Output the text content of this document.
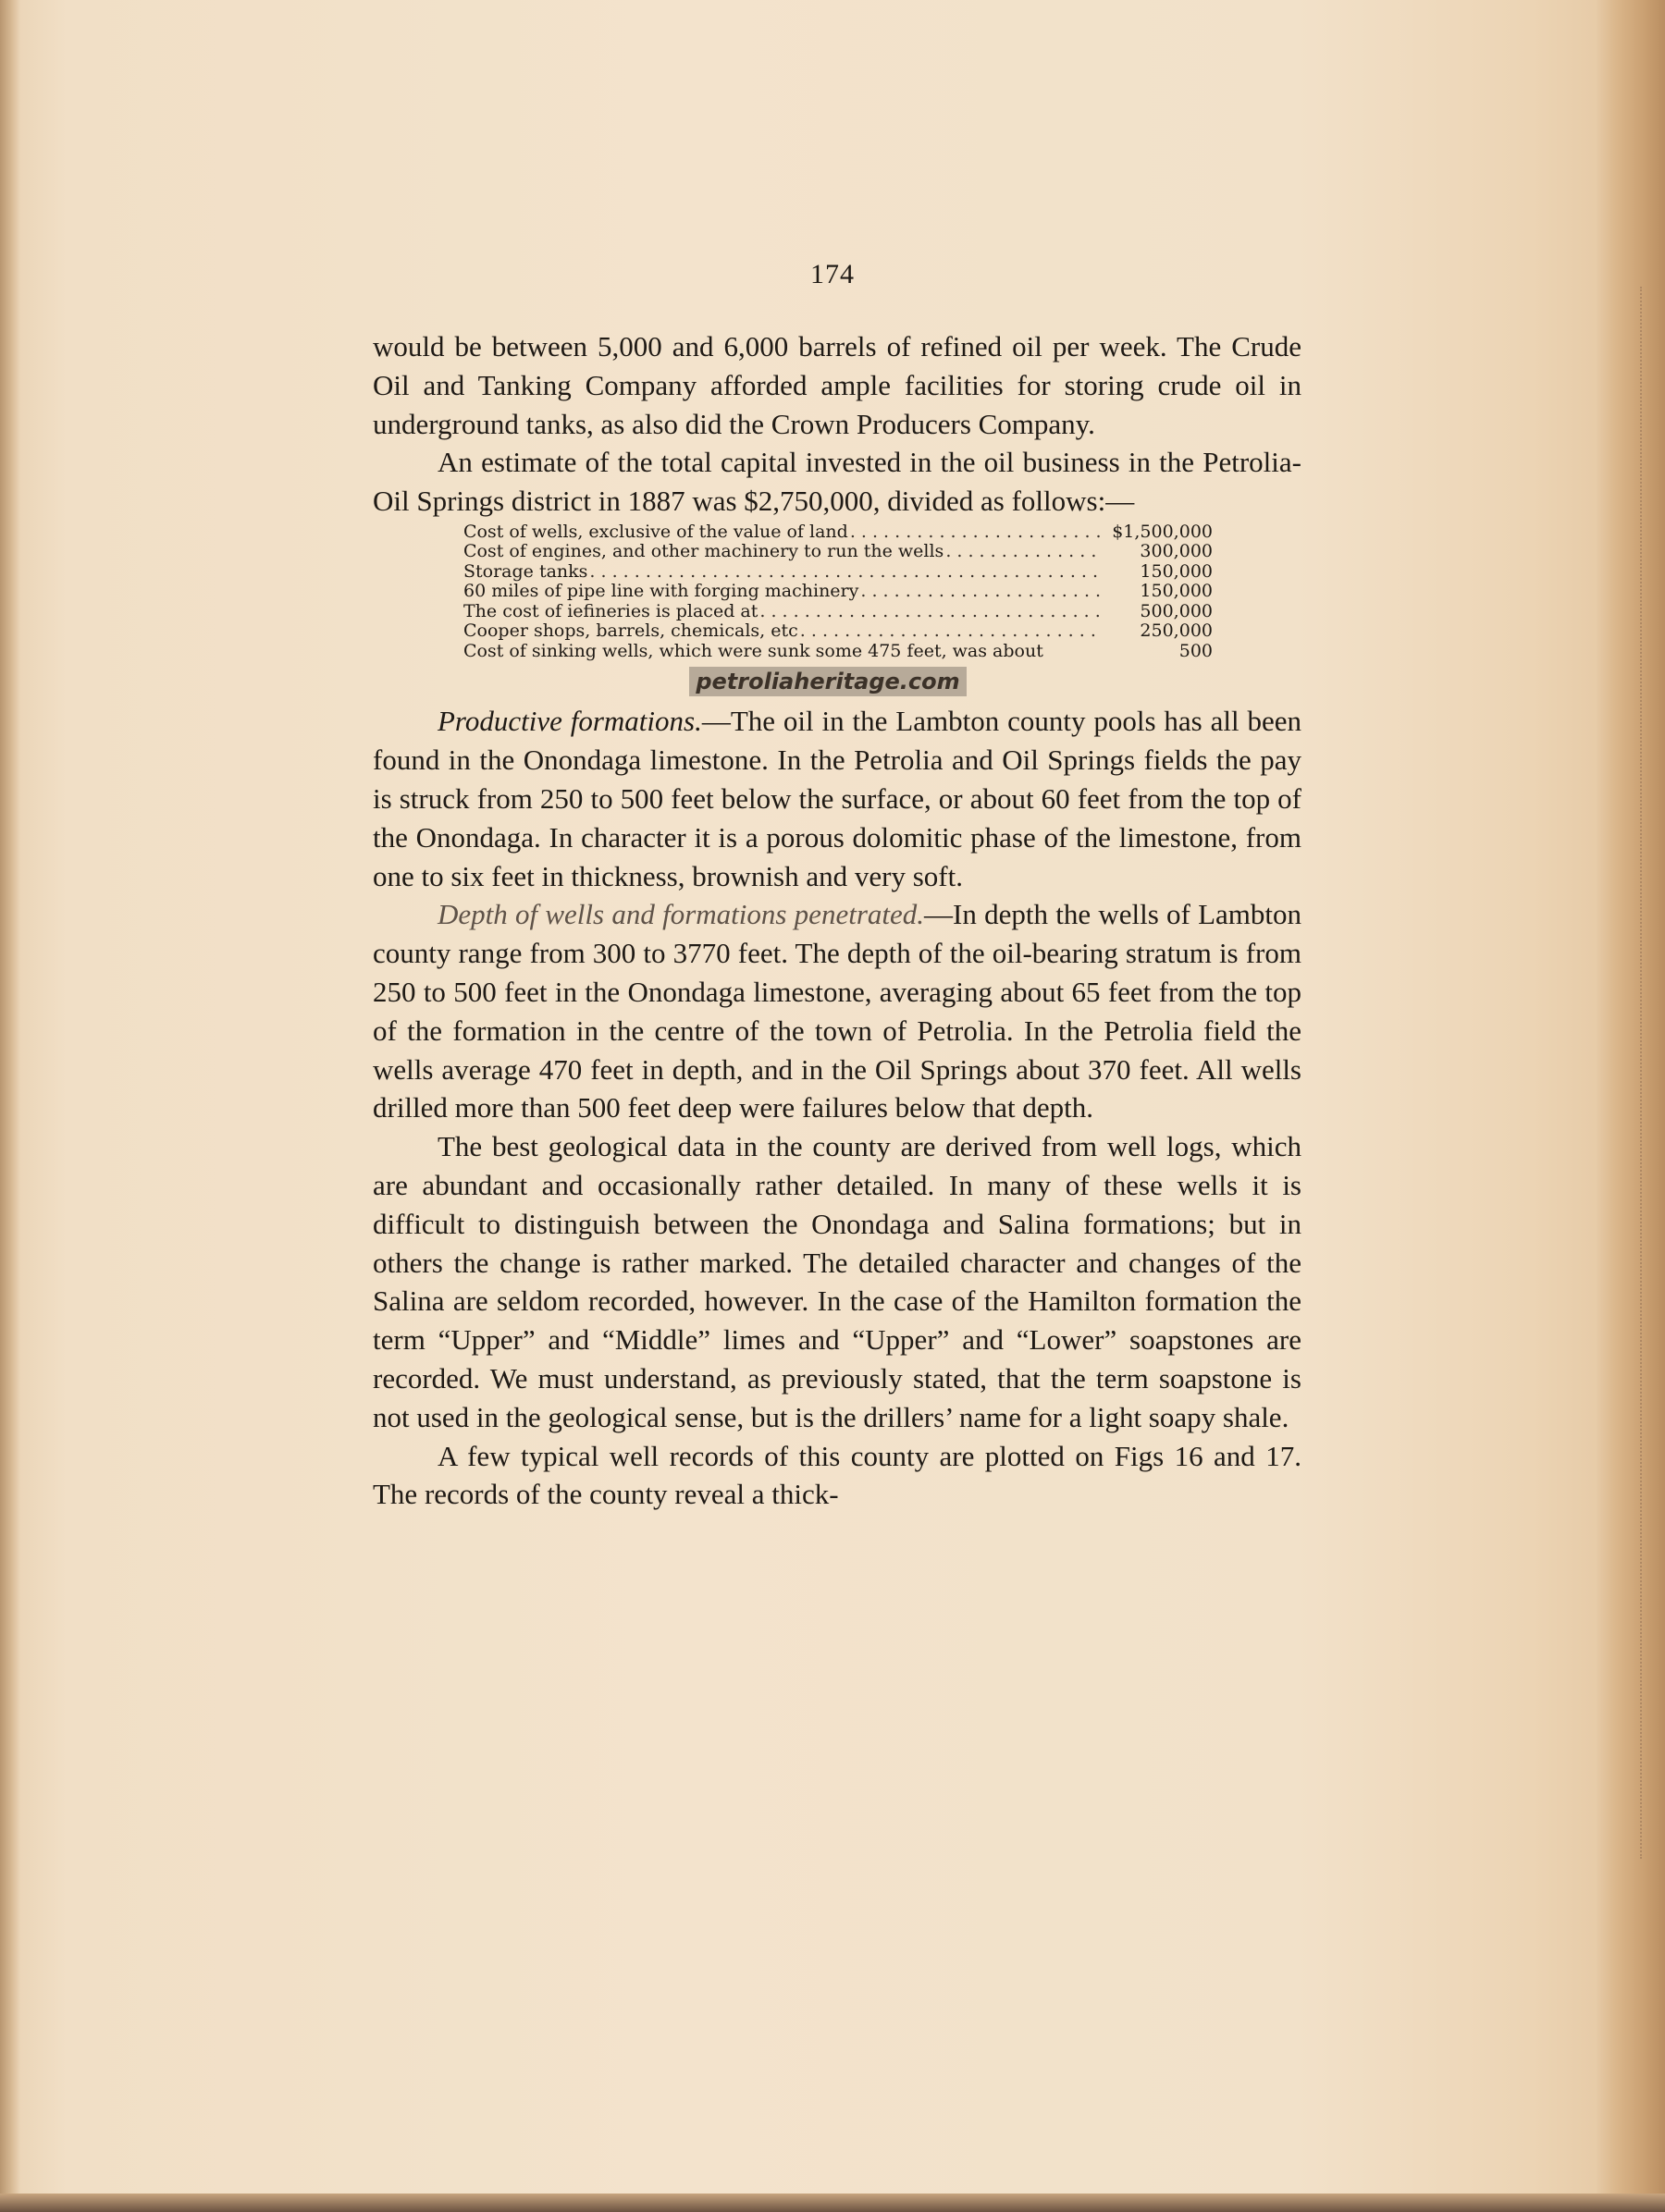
174

would be between 5,000 and 6,000 barrels of refined oil per week. The Crude Oil and Tanking Company afforded ample facilities for storing crude oil in underground tanks, as also did the Crown Producers Company.

An estimate of the total capital invested in the oil business in the Petrolia-Oil Springs district in 1887 was $2,750,000, divided as follows:—

Cost of wells, exclusive of the value of land . . .	$1,500,000
Cost of engines, and other machinery to run the wells . . .	300,000
Storage tanks . . .	150,000
60 miles of pipe line with forging machinery . . .	150,000
The cost of iefineries is placed at . . .	500,000
Cooper shops, barrels, chemicals, etc . . .	250,000
Cost of sinking wells, which were sunk some 475 feet, was about	500
petroliaheritage.com

Productive formations.—The oil in the Lambton county pools has all been found in the Onondaga limestone. In the Petrolia and Oil Springs fields the pay is struck from 250 to 500 feet below the surface, or about 60 feet from the top of the Onondaga. In character it is a porous dolomitic phase of the limestone, from one to six feet in thickness, brownish and very soft.

Depth of wells and formations penetrated.—In depth the wells of Lambton county range from 300 to 3770 feet. The depth of the oil-bearing stratum is from 250 to 500 feet in the Onondaga limestone, averaging about 65 feet from the top of the formation in the centre of the town of Petrolia. In the Petrolia field the wells average 470 feet in depth, and in the Oil Springs about 370 feet. All wells drilled more than 500 feet deep were failures below that depth.

The best geological data in the county are derived from well logs, which are abundant and occasionally rather detailed. In many of these wells it is difficult to distinguish between the Onondaga and Salina formations; but in others the change is rather marked. The detailed character and changes of the Salina are seldom recorded, however. In the case of the Hamilton formation the term “Upper” and “Middle” limes and “Upper” and “Lower” soapstones are recorded. We must understand, as previously stated, that the term soapstone is not used in the geological sense, but is the drillers’ name for a light soapy shale.

A few typical well records of this county are plotted on Figs 16 and 17. The records of the county reveal a thick-
